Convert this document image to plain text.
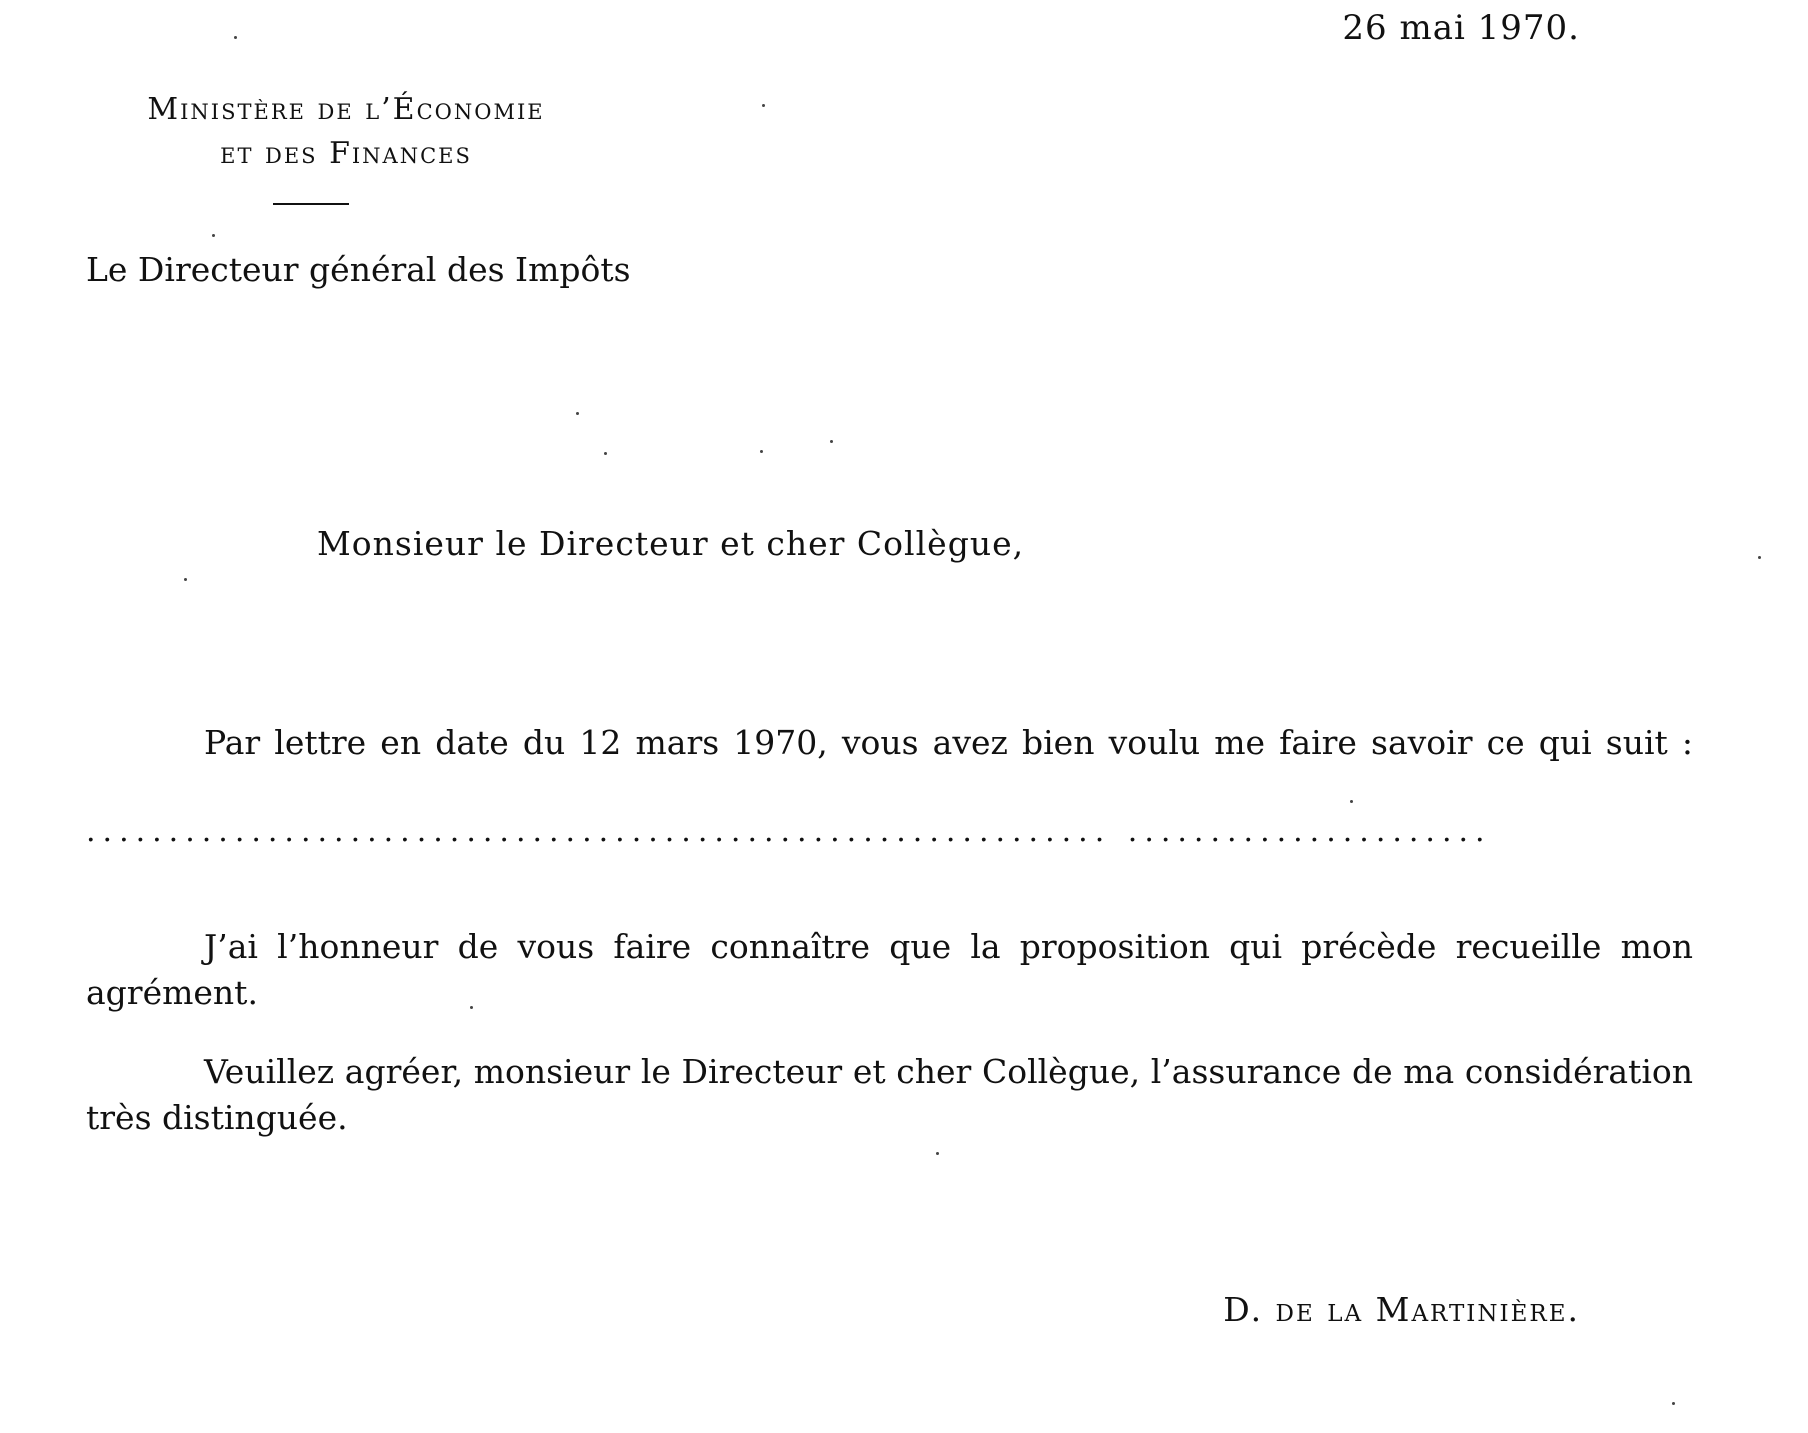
26 mai 1970.
Ministère de l’Économie
et des Finances
Le Directeur général des Impôts
Monsieur le Directeur et cher Collègue,
Par lettre en date du 12 mars 1970, vous avez bien voulu me faire savoir ce qui suit :
.............................................................. ......................
J’ai l’honneur de vous faire connaître que la proposition qui précède recueille mon agrément.
Veuillez agréer, monsieur le Directeur et cher Collègue, l’assurance de ma considération très distinguée.
D. de la Martinière.
